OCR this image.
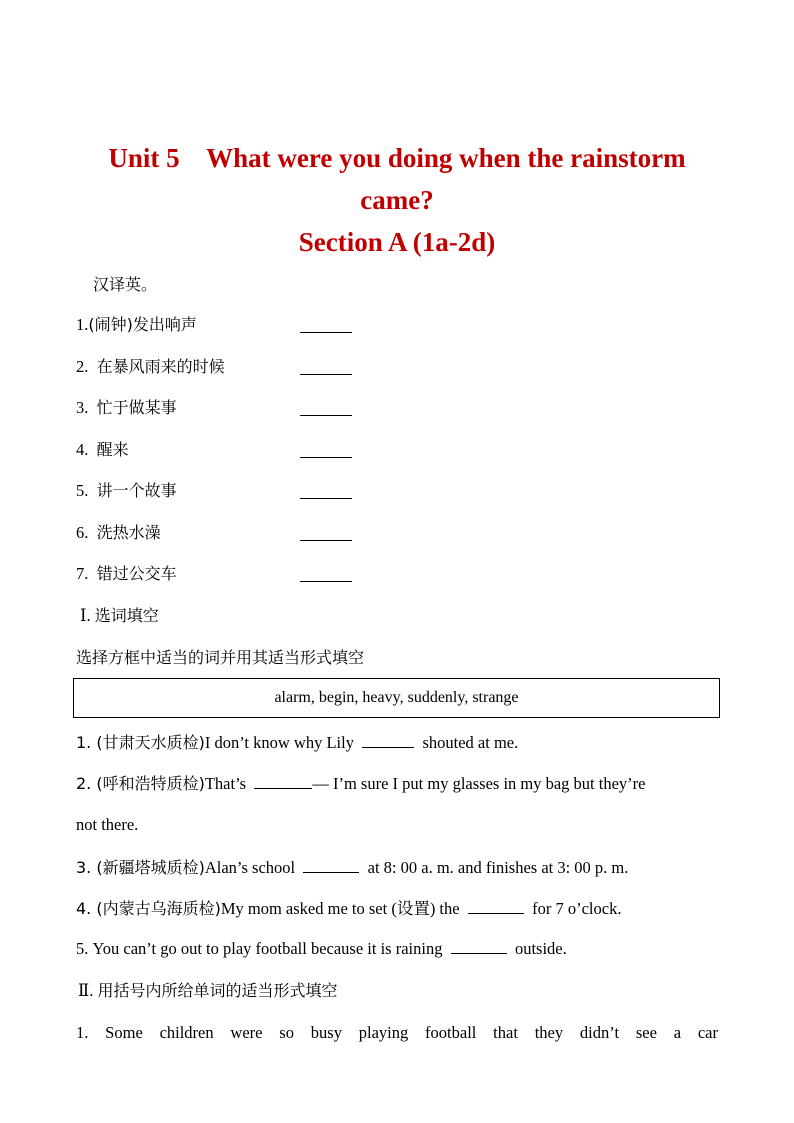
Unit 5    What were you doing when the rainstorm
came?
Section A (1a-2d)
汉译英。
1.(闹钟)发出响声
2. 在暴风雨来的时候
3. 忙于做某事
4. 醒来
5. 讲一个故事
6. 洗热水澡
7. 错过公交车
Ⅰ. 选词填空
选择方框中适当的词并用其适当形式填空
alarm, begin, heavy, suddenly, strange
1. (甘肃天水质检)I don’t know why Lily	shouted at me.
2. (呼和浩特质检)That’s	— I’m sure I put my glasses in my bag but they’re
not there.
3. (新疆塔城质检)Alan’s school	at 8: 00 a. m. and finishes at 3: 00 p. m.
4. (内蒙古乌海质检)My mom asked me to set (设置) the	for 7 o’clock.
5. You can’t go out to play football because it is raining	outside.
Ⅱ. 用括号内所给单词的适当形式填空
1. Some children were so busy playing football that they didn’t see a car
